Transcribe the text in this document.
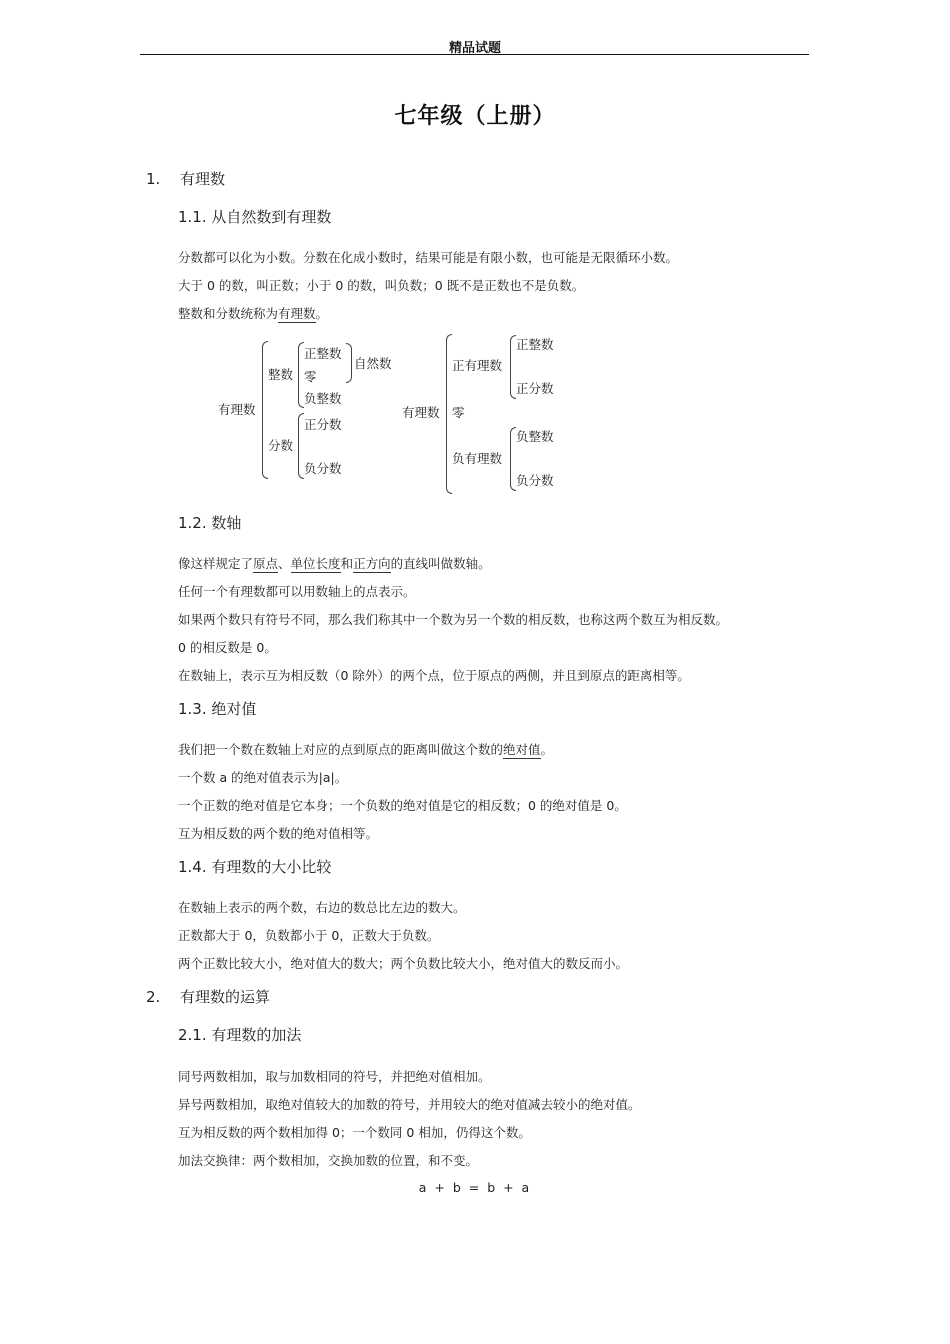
精品试题
七年级（上册）
1. 有理数
1.1. 从自然数到有理数
分数都可以化为小数。分数在化成小数时，结果可能是有限小数，也可能是无限循环小数。
大于 0 的数，叫正数；小于 0 的数，叫负数；0 既不是正数也不是负数。
整数和分数统称为有理数。
有理数
整数
正整数
零
自然数
负整数
分数
正分数
负分数
有理数
正有理数
正整数
正分数
零
负有理数
负整数
负分数
1.2. 数轴
像这样规定了原点、单位长度和正方向的直线叫做数轴。
任何一个有理数都可以用数轴上的点表示。
如果两个数只有符号不同，那么我们称其中一个数为另一个数的相反数，也称这两个数互为相反数。
0 的相反数是 0。
在数轴上，表示互为相反数（0 除外）的两个点，位于原点的两侧，并且到原点的距离相等。
1.3. 绝对值
我们把一个数在数轴上对应的点到原点的距离叫做这个数的绝对值。
一个数 a 的绝对值表示为|a|。
一个正数的绝对值是它本身；一个负数的绝对值是它的相反数；0 的绝对值是 0。
互为相反数的两个数的绝对值相等。
1.4. 有理数的大小比较
在数轴上表示的两个数，右边的数总比左边的数大。
正数都大于 0，负数都小于 0，正数大于负数。
两个正数比较大小，绝对值大的数大；两个负数比较大小，绝对值大的数反而小。
2. 有理数的运算
2.1. 有理数的加法
同号两数相加，取与加数相同的符号，并把绝对值相加。
异号两数相加，取绝对值较大的加数的符号，并用较大的绝对值减去较小的绝对值。
互为相反数的两个数相加得 0；一个数同 0 相加，仍得这个数。
加法交换律：两个数相加，交换加数的位置，和不变。
a + b = b + a
